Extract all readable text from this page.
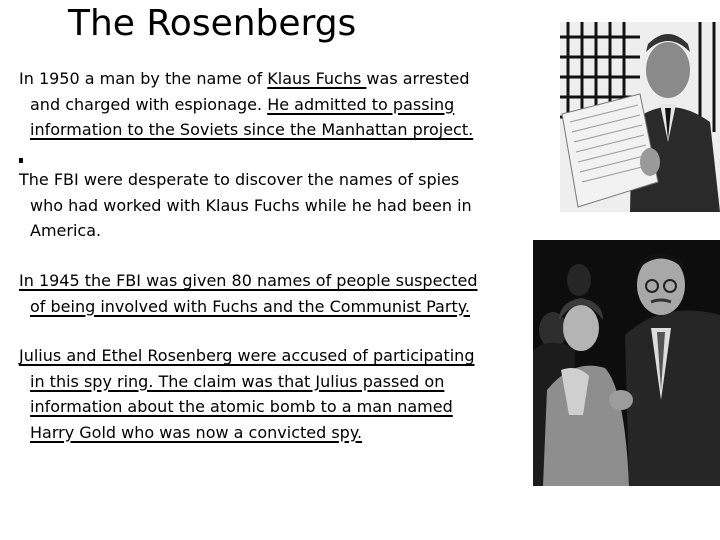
The Rosenbergs
In 1950 a man by the name of Klaus Fuchs was arrested
and charged with espionage. He admitted to passing
information to the Soviets since the Manhattan project.
The FBI were desperate to discover the names of spies
who had worked with Klaus Fuchs while he had been in
America.
In 1945 the FBI was given 80 names of people suspected
of being involved with Fuchs and the Communist Party.
Julius and Ethel Rosenberg were accused of participating
in this spy ring. The claim was that Julius passed on
information about the atomic bomb to a man named
Harry Gold who was now a convicted spy.
